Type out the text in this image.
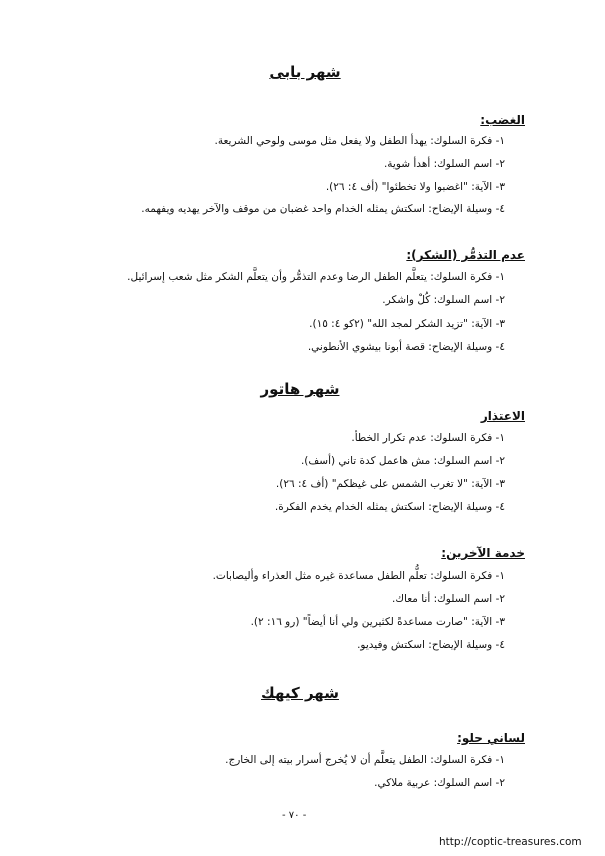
شهر بابى
الغضب:
١- فكرة السلوك: يهدأ الطفل ولا يفعل مثل موسى ولوحي الشريعة.
٢- اسم السلوك: أهدأ شوية.
٣- الآية: "اغضبوا ولا تخطئوا" (أف ٤: ٢٦).
٤- وسيلة الإيضاح: اسكتش يمثله الخدام واحد غضبان من موقف والآخر يهديه ويفهمه.
عدم التذمُّر (الشكر):
١- فكرة السلوك: يتعلَّم الطفل الرضا وعدم التذمُّر وأن يتعلَّم الشكر مثل شعب إسرائيل.
٢- اسم السلوك: كُلْ واشكر.
٣- الآية: "تزيد الشكر لمجد الله" (٢كو ٤: ١٥).
٤- وسيلة الإيضاح: قصة أبونا بيشوي الأنطوني.
شهر هاتور
الاعتذار
١- فكرة السلوك: عدم تكرار الخطأ.
٢- اسم السلوك: مش هاعمل كدة تاني (أسف).
٣- الآية: "لا تغرب الشمس على غيظكم" (أف ٤: ٢٦).
٤- وسيلة الإيضاح: اسكتش يمثله الخدام يخدم الفكرة.
خدمة الآخرين:
١- فكرة السلوك: تعلُّم الطفل مساعدة غيره مثل العذراء وأليصابات.
٢- اسم السلوك: أنا معاك.
٣- الآية: "صارت مساعدةً لكثيرين ولي أنا أيضاً" (رو ١٦: ٢).
٤- وسيلة الإيضاح: اسكتش وفيديو.
شهر كيهك
لساني حلو:
١- فكرة السلوك: الطفل يتعلَّم أن لا يُخرج أسرار بيته إلى الخارج.
٢- اسم السلوك: عربية ملاكي.
- ٧٠ -
http://coptic-treasures.com
